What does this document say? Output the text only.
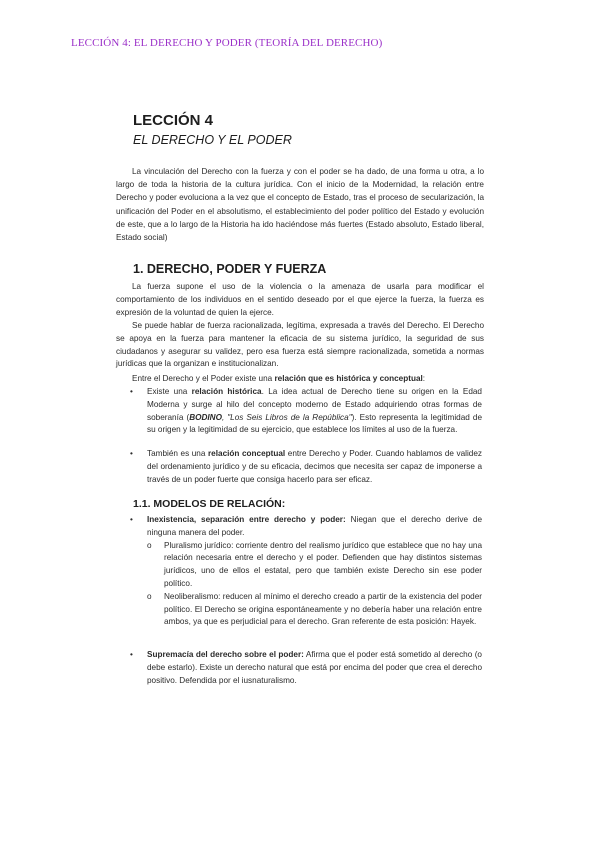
LECCIÓN 4: EL DERECHO Y PODER (TEORÍA DEL DERECHO)
LECCIÓN 4
EL DERECHO Y EL PODER

La vinculación del Derecho con la fuerza y con el poder se ha dado, de una forma u otra, a lo largo de toda la historia de la cultura jurídica. Con el inicio de la Modernidad, la relación entre Derecho y poder evoluciona a la vez que el concepto de Estado, tras el proceso de secularización, la unificación del Poder en el absolutismo, el establecimiento del poder político del Estado y evolución de este, que a lo largo de la Historia ha ido haciéndose más fuertes (Estado absoluto, Estado liberal, Estado social)

1. DERECHO, PODER Y FUERZA

La fuerza supone el uso de la violencia o la amenaza de usarla para modificar el comportamiento de los individuos en el sentido deseado por el que ejerce la fuerza, la fuerza es expresión de la voluntad de quien la ejerce.

Se puede hablar de fuerza racionalizada, legítima, expresada a través del Derecho. El Derecho se apoya en la fuerza para mantener la eficacia de su sistema jurídico, la seguridad de sus ciudadanos y asegurar su validez, pero esa fuerza está siempre racionalizada, sometida a normas jurídicas que la organizan e institucionalizan.

Entre el Derecho y el Poder existe una relación que es histórica y conceptual:

• Existe una relación histórica. La idea actual de Derecho tiene su origen en la Edad Moderna y surge al hilo del concepto moderno de Estado adquiriendo otras formas de soberanía (BODINO, "Los Seis Libros de la República"). Esto representa la legitimidad de su origen y la legitimidad de su ejercicio, que establece los límites al uso de la fuerza.
• También es una relación conceptual entre Derecho y Poder. Cuando hablamos de validez del ordenamiento jurídico y de su eficacia, decimos que necesita ser capaz de imponerse a través de un poder fuerte que consiga hacerlo para ser eficaz.
1.1. MODELOS DE RELACIÓN:
• Inexistencia, separación entre derecho y poder: Niegan que el derecho derive de ninguna manera del poder.
o Pluralismo jurídico: corriente dentro del realismo jurídico que establece que no hay una relación necesaria entre el derecho y el poder. Defienden que hay distintos sistemas jurídicos, uno de ellos el estatal, pero que también existe Derecho sin ese poder político.
o Neoliberalismo: reducen al mínimo el derecho creado a partir de la existencia del poder político. El Derecho se origina espontáneamente y no debería haber una relación entre ambos, ya que es perjudicial para el derecho. Gran referente de esta posición: Hayek.
• Supremacía del derecho sobre el poder: Afirma que el poder está sometido al derecho (o debe estarlo). Existe un derecho natural que está por encima del poder que crea el derecho positivo. Defendida por el iusnaturalismo.
